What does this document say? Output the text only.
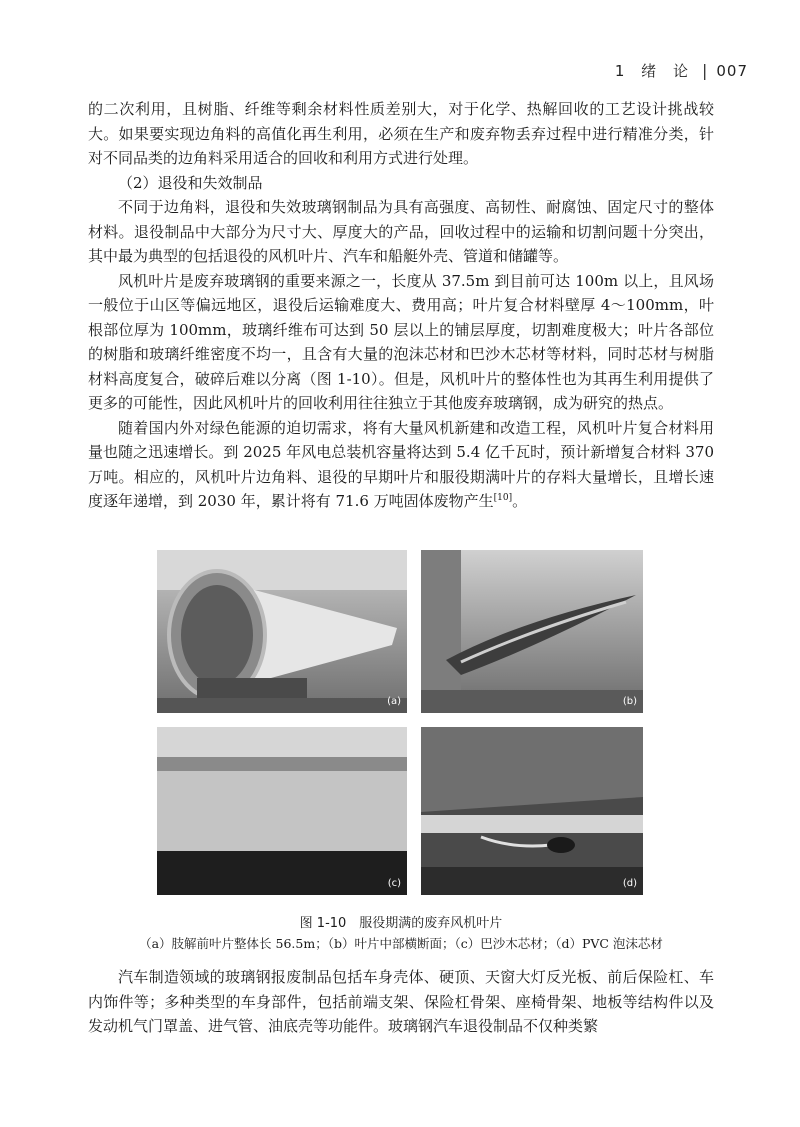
1 绪 论 | 007

的二次利用，且树脂、纤维等剩余材料性质差别大，对于化学、热解回收的工艺设计挑战较大。如果要实现边角料的高值化再生利用，必须在生产和废弃物丢弃过程中进行精准分类，针对不同品类的边角料采用适合的回收和利用方式进行处理。

（2）退役和失效制品

不同于边角料，退役和失效玻璃钢制品为具有高强度、高韧性、耐腐蚀、固定尺寸的整体材料。退役制品中大部分为尺寸大、厚度大的产品，回收过程中的运输和切割问题十分突出，其中最为典型的包括退役的风机叶片、汽车和船艇外壳、管道和储罐等。

风机叶片是废弃玻璃钢的重要来源之一，长度从 37.5m 到目前可达 100m 以上，且风场一般位于山区等偏远地区，退役后运输难度大、费用高；叶片复合材料壁厚 4～100mm，叶根部位厚为 100mm，玻璃纤维布可达到 50 层以上的铺层厚度，切割难度极大；叶片各部位的树脂和玻璃纤维密度不均一，且含有大量的泡沫芯材和巴沙木芯材等材料，同时芯材与树脂材料高度复合，破碎后难以分离（图 1-10）。但是，风机叶片的整体性也为其再生利用提供了更多的可能性，因此风机叶片的回收利用往往独立于其他废弃玻璃钢，成为研究的热点。

随着国内外对绿色能源的迫切需求，将有大量风机新建和改造工程，风机叶片复合材料用量也随之迅速增长。到 2025 年风电总装机容量将达到 5.4 亿千瓦时，预计新增复合材料 370 万吨。相应的，风机叶片边角料、退役的早期叶片和服役期满叶片的存料大量增长，且增长速度逐年递增，到 2030 年，累计将有 71.6 万吨固体废物产生[10]。

(a)	(b)
(c)	(d)
图 1-10　服役期满的废弃风机叶片
（a）肢解前叶片整体长 56.5m；（b）叶片中部横断面；（c）巴沙木芯材；（d）PVC 泡沫芯材

汽车制造领域的玻璃钢报废制品包括车身壳体、硬顶、天窗大灯反光板、前后保险杠、车内饰件等；多种类型的车身部件，包括前端支架、保险杠骨架、座椅骨架、地板等结构件以及发动机气门罩盖、进气管、油底壳等功能件。玻璃钢汽车退役制品不仅种类繁
